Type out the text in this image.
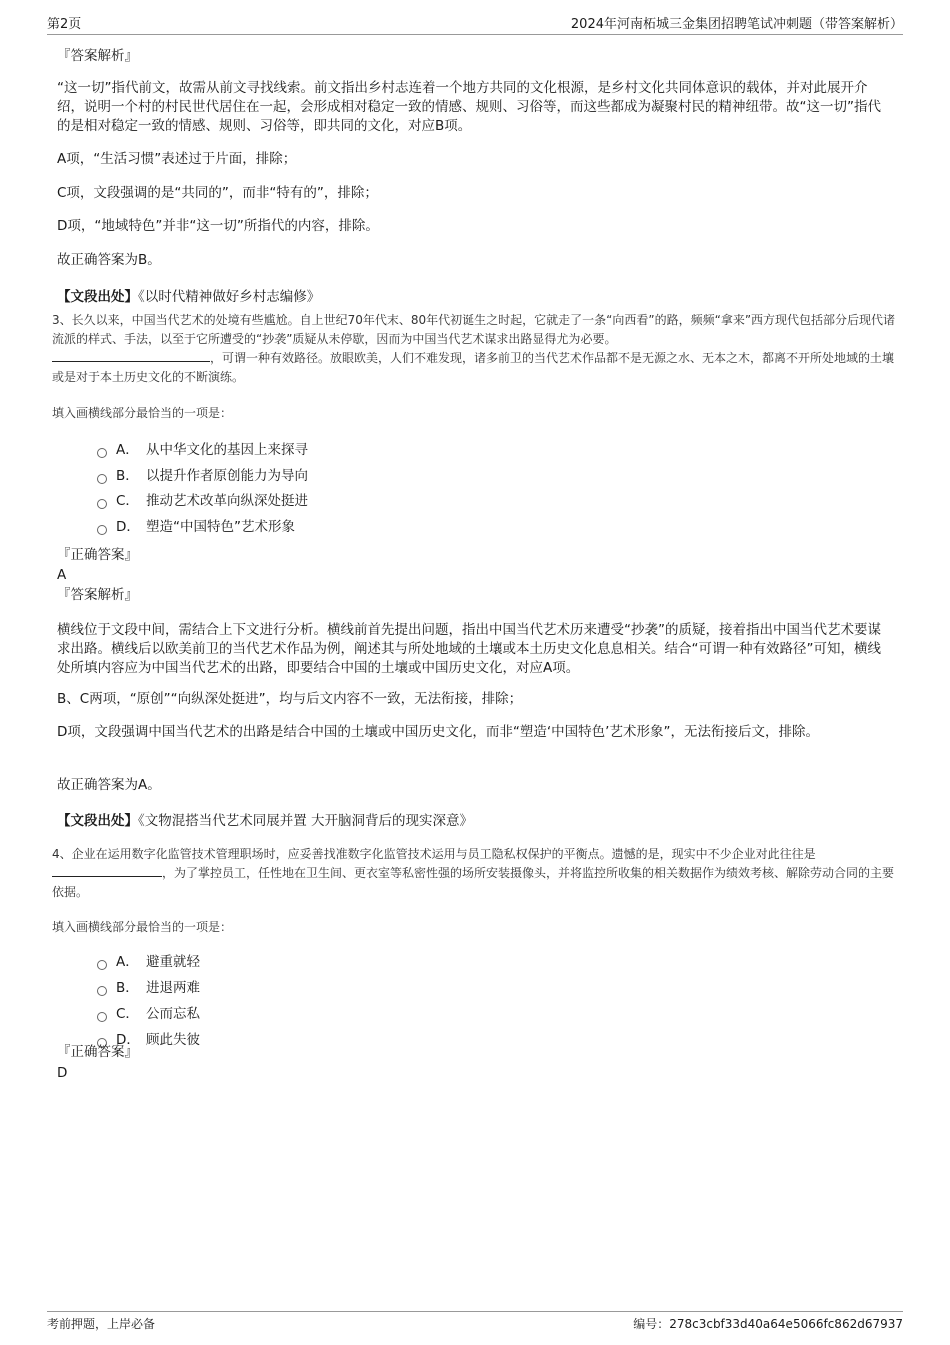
第2页	2024年河南柘城三金集团招聘笔试冲刺题（带答案解析）
『答案解析』
“这一切”指代前文，故需从前文寻找线索。前文指出乡村志连着一个地方共同的文化根源，是乡村文化共同体意识的载体，并对此展开介绍，说明一个村的村民世代居住在一起，会形成相对稳定一致的情感、规则、习俗等，而这些都成为凝聚村民的精神纽带。故“这一切”指代的是相对稳定一致的情感、规则、习俗等，即共同的文化，对应B项。
A项，“生活习惯”表述过于片面，排除；
C项，文段强调的是“共同的”，而非“特有的”，排除；
D项，“地域特色”并非“这一切”所指代的内容，排除。
故正确答案为B。
【文段出处】《以时代精神做好乡村志编修》
3、长久以来，中国当代艺术的处境有些尴尬。自上世纪70年代末、80年代初诞生之时起，它就走了一条“向西看”的路，频频“拿来”西方现代包括部分后现代诸流派的样式、手法，以至于它所遭受的“抄袭”质疑从未停歇，因而为中国当代艺术谋求出路显得尤为必要。
，可谓一种有效路径。放眼欧美，人们不难发现，诸多前卫的当代艺术作品都不是无源之水、无本之木，都离不开所处地域的土壤或是对于本土历史文化的不断演练。
填入画横线部分最恰当的一项是：
A． 从中华文化的基因上来探寻
B． 以提升作者原创能力为导向
C． 推动艺术改革向纵深处挺进
D． 塑造“中国特色”艺术形象
『正确答案』
A
『答案解析』
横线位于文段中间，需结合上下文进行分析。横线前首先提出问题，指出中国当代艺术历来遭受“抄袭”的质疑，接着指出中国当代艺术要谋求出路。横线后以欧美前卫的当代艺术作品为例，阐述其与所处地域的土壤或本土历史文化息息相关。结合“可谓一种有效路径”可知，横线处所填内容应为中国当代艺术的出路，即要结合中国的土壤或中国历史文化，对应A项。
B、C两项，“原创”“向纵深处挺进”，均与后文内容不一致，无法衔接，排除；
D项，文段强调中国当代艺术的出路是结合中国的土壤或中国历史文化，而非“塑造‘中国特色’艺术形象”，无法衔接后文，排除。
故正确答案为A。
【文段出处】《文物混搭当代艺术同展并置 大开脑洞背后的现实深意》
4、企业在运用数字化监管技术管理职场时，应妥善找准数字化监管技术运用与员工隐私权保护的平衡点。遗憾的是，现实中不少企业对此往往是，为了掌控员工，任性地在卫生间、更衣室等私密性强的场所安装摄像头，并将监控所收集的相关数据作为绩效考核、解除劳动合同的主要依据。
填入画横线部分最恰当的一项是：
A． 避重就轻
B． 进退两难
C． 公而忘私
D． 顾此失彼
『正确答案』
D
考前押题，上岸必备	编号：278c3cbf33d40a64e5066fc862d67937
